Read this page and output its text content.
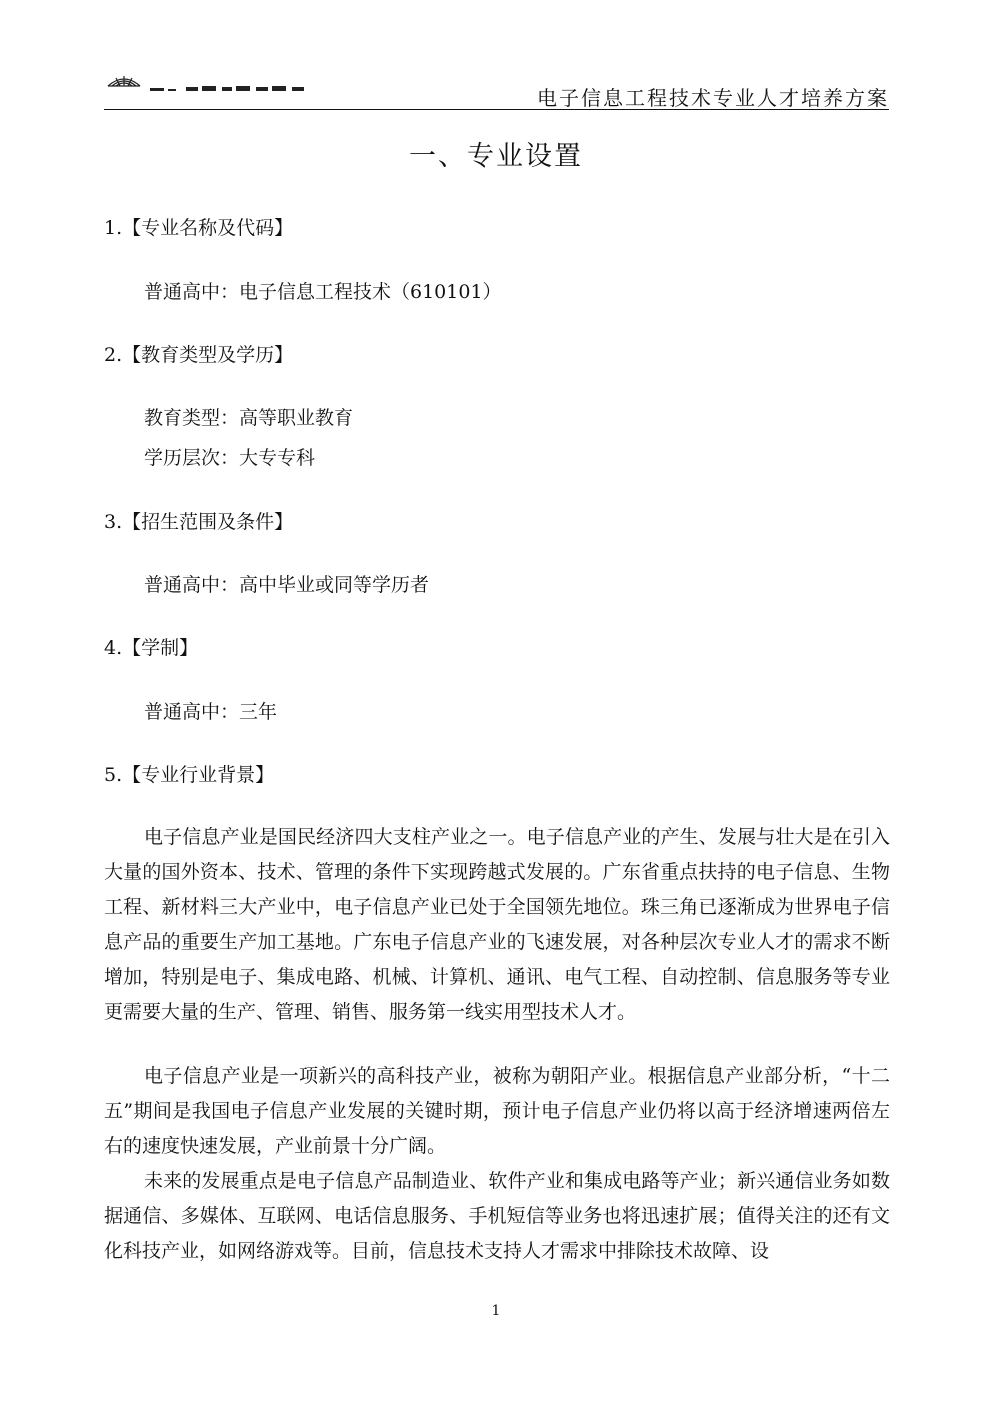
电子信息工程技术专业人才培养方案
一、专业设置
1.【专业名称及代码】
普通高中：电子信息工程技术（610101）
2.【教育类型及学历】
教育类型：高等职业教育
学历层次：大专专科
3.【招生范围及条件】
普通高中：高中毕业或同等学历者
4.【学制】
普通高中：三年
5.【专业行业背景】

电子信息产业是国民经济四大支柱产业之一。电子信息产业的产生、发展与壮大是在引入大量的国外资本、技术、管理的条件下实现跨越式发展的。广东省重点扶持的电子信息、生物工程、新材料三大产业中，电子信息产业已处于全国领先地位。珠三角已逐渐成为世界电子信息产品的重要生产加工基地。广东电子信息产业的飞速发展，对各种层次专业人才的需求不断增加，特别是电子、集成电路、机械、计算机、通讯、电气工程、自动控制、信息服务等专业更需要大量的生产、管理、销售、服务第一线实用型技术人才。

电子信息产业是一项新兴的高科技产业，被称为朝阳产业。根据信息产业部分析，“十二五”期间是我国电子信息产业发展的关键时期，预计电子信息产业仍将以高于经济增速两倍左右的速度快速发展，产业前景十分广阔。

未来的发展重点是电子信息产品制造业、软件产业和集成电路等产业；新兴通信业务如数据通信、多媒体、互联网、电话信息服务、手机短信等业务也将迅速扩展；值得关注的还有文化科技产业，如网络游戏等。目前，信息技术支持人才需求中排除技术故障、设

1
